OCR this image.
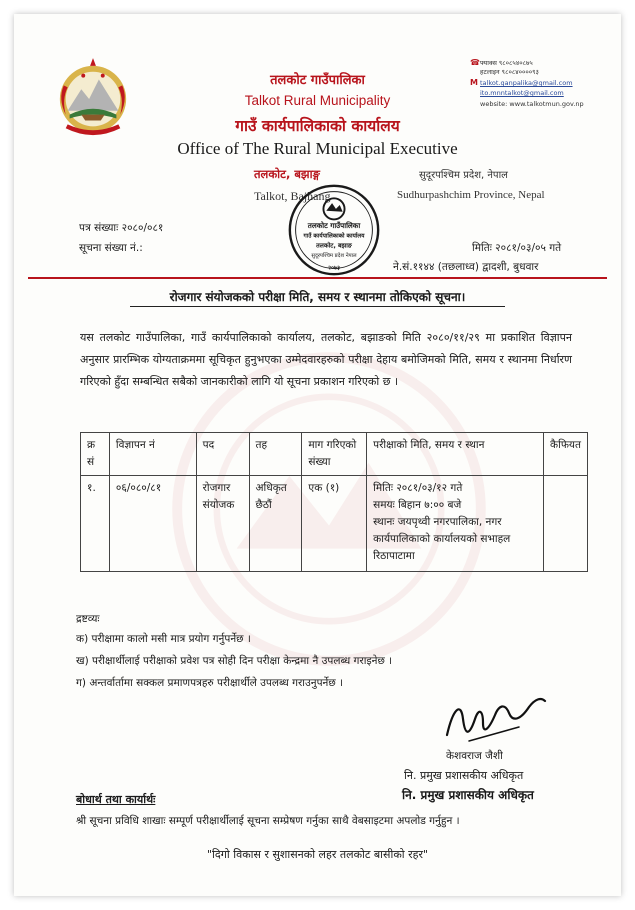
तलकोट गाउँपालिका
Talkot Rural Municipality
गाउँ कार्यपालिकाको कार्यालय
Office of The Rural Municipal Executive
तलकोट, बझाङ्ग
Talkot, Bajhang
सुदूरपश्चिम प्रदेश, नेपाल
Sudhurpashchim Province, Nepal
☎फ्याक्स ९८०८५४०८७५
हटलाइन ९८०८४००००९३
M talkot.ganpalika@gmail.com
ito.mnntalkot@gmail.com
website: www.talkotmun.gov.np
तलकोट गाउँपालिका
गाउँ कार्यपालिकाको कार्यालय
तलकोट, बझाङ
सुदूरपश्चिम प्रदेश नेपाल
२०७३
पत्र संख्याः २०८०/०८१
सूचना संख्या नं.:	मितिः २०८१/०३/०५ गते
ने.सं.११४४ (तछलाध्व) द्वादशी, बुधवार
रोजगार संयोजकको परीक्षा मिति, समय र स्थानमा तोकिएको सूचना।
यस तलकोट गाउँपालिका, गाउँ कार्यपालिकाको कार्यालय, तलकोट, बझाङको मिति २०८०/११/२९ मा प्रकाशित विज्ञापन अनुसार प्रारम्भिक योग्यताक्रममा सूचिकृत हुनुभएका उम्मेदवारहरुको परीक्षा देहाय बमोजिमको मिति, समय र स्थानमा निर्धारण गरिएको हुँदा सम्बन्धित सबैको जानकारीको लागि यो सूचना प्रकाशन गरिएको छ ।
क्र सं	विज्ञापन नं	पद	तह	माग गरिएको संख्या	परीक्षाको मिति, समय र स्थान	कैफियत
१.	०६/०८०/८१	रोजगार संयोजक	अधिकृत छैठौं	एक (१)	मितिः २०८१/०३/१२ गते
समयः बिहान ७:०० बजे
स्थानः जयपृथ्वी नगरपालिका, नगर कार्यपालिकाको कार्यालयको सभाहल रिठापाटामा	

द्रष्टव्यः
क) परीक्षामा कालो मसी मात्र प्रयोग गर्नुपर्नेछ ।
ख) परीक्षार्थीलाई परीक्षाको प्रवेश पत्र सोही दिन परीक्षा केन्द्रमा नै उपलब्ध गराइनेछ ।
ग) अन्तर्वार्तामा सक्कल प्रमाणपत्रहरु परीक्षार्थीले उपलब्ध गराउनुपर्नेछ ।
केशवराज जैशी
नि. प्रमुख प्रशासकीय अधिकृत
नि. प्रमुख प्रशासकीय अधिकृत
बोधार्थ तथा कार्यार्थः
श्री सूचना प्रविधि शाखाः सम्पूर्ण परीक्षार्थीलाई सूचना सम्प्रेषण गर्नुका साथै वेबसाइटमा अपलोड गर्नुहुन ।
"दिगो विकास र सुशासनको लहर तलकोट बासीको रहर"
